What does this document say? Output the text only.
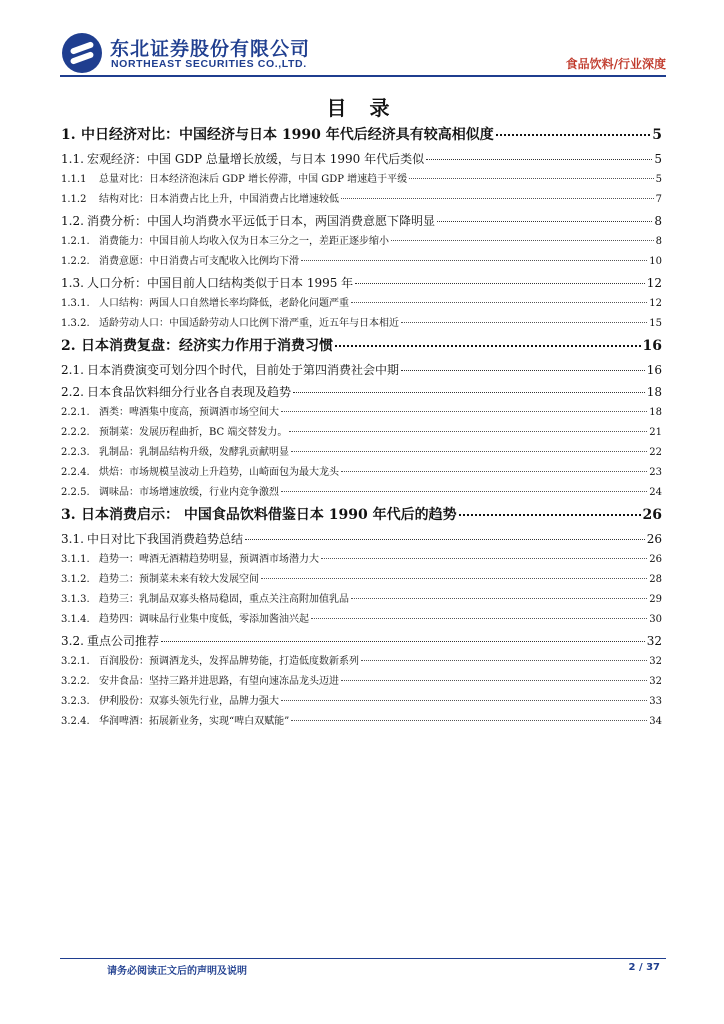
东北证券股份有限公司
NORTHEAST SECURITIES CO.,LTD.	食品饮料/行业深度
目 录
1. 中日经济对比：中国经济与日本 1990 年代后经济具有较高相似度	5
1.1. 宏观经济：中国 GDP 总量增长放缓，与日本 1990 年代后类似	5
1.1.1 总量对比：日本经济泡沫后 GDP 增长停滞，中国 GDP 增速趋于平缓	5
1.1.2 结构对比：日本消费占比上升，中国消费占比增速较低	7
1.2. 消费分析：中国人均消费水平远低于日本，两国消费意愿下降明显	8
1.2.1. 消费能力：中国目前人均收入仅为日本三分之一，差距正逐步缩小	8
1.2.2. 消费意愿：中日消费占可支配收入比例均下滑	10
1.3. 人口分析：中国目前人口结构类似于日本 1995 年	12
1.3.1. 人口结构：两国人口自然增长率均降低，老龄化问题严重	12
1.3.2. 适龄劳动人口：中国适龄劳动人口比例下滑严重，近五年与日本相近	15
2. 日本消费复盘：经济实力作用于消费习惯	16
2.1. 日本消费演变可划分四个时代，目前处于第四消费社会中期	16
2.2. 日本食品饮料细分行业各自表现及趋势	18
2.2.1. 酒类：啤酒集中度高，预调酒市场空间大	18
2.2.2. 预制菜：发展历程曲折，BC 端交替发力。	21
2.2.3. 乳制品：乳制品结构升级，发酵乳贡献明显	22
2.2.4. 烘焙：市场规模呈波动上升趋势，山崎面包为最大龙头	23
2.2.5. 调味品：市场增速放缓，行业内竞争激烈	24
3. 日本消费启示： 中国食品饮料借鉴日本 1990 年代后的趋势	26
3.1. 中日对比下我国消费趋势总结	26
3.1.1. 趋势一：啤酒无酒精趋势明显，预调酒市场潜力大	26
3.1.2. 趋势二：预制菜未来有较大发展空间	28
3.1.3. 趋势三：乳制品双寡头格局稳固，重点关注高附加值乳品	29
3.1.4. 趋势四：调味品行业集中度低，零添加酱油兴起	30
3.2. 重点公司推荐	32
3.2.1. 百润股份：预调酒龙头，发挥品牌势能，打造低度数新系列	32
3.2.2. 安井食品：坚持三路并进思路，有望向速冻品龙头迈进	32
3.2.3. 伊利股份：双寡头领先行业，品牌力强大	33
3.2.4. 华润啤酒：拓展新业务，实现“啤白双赋能”	34
请务必阅读正文后的声明及说明	2 / 37
